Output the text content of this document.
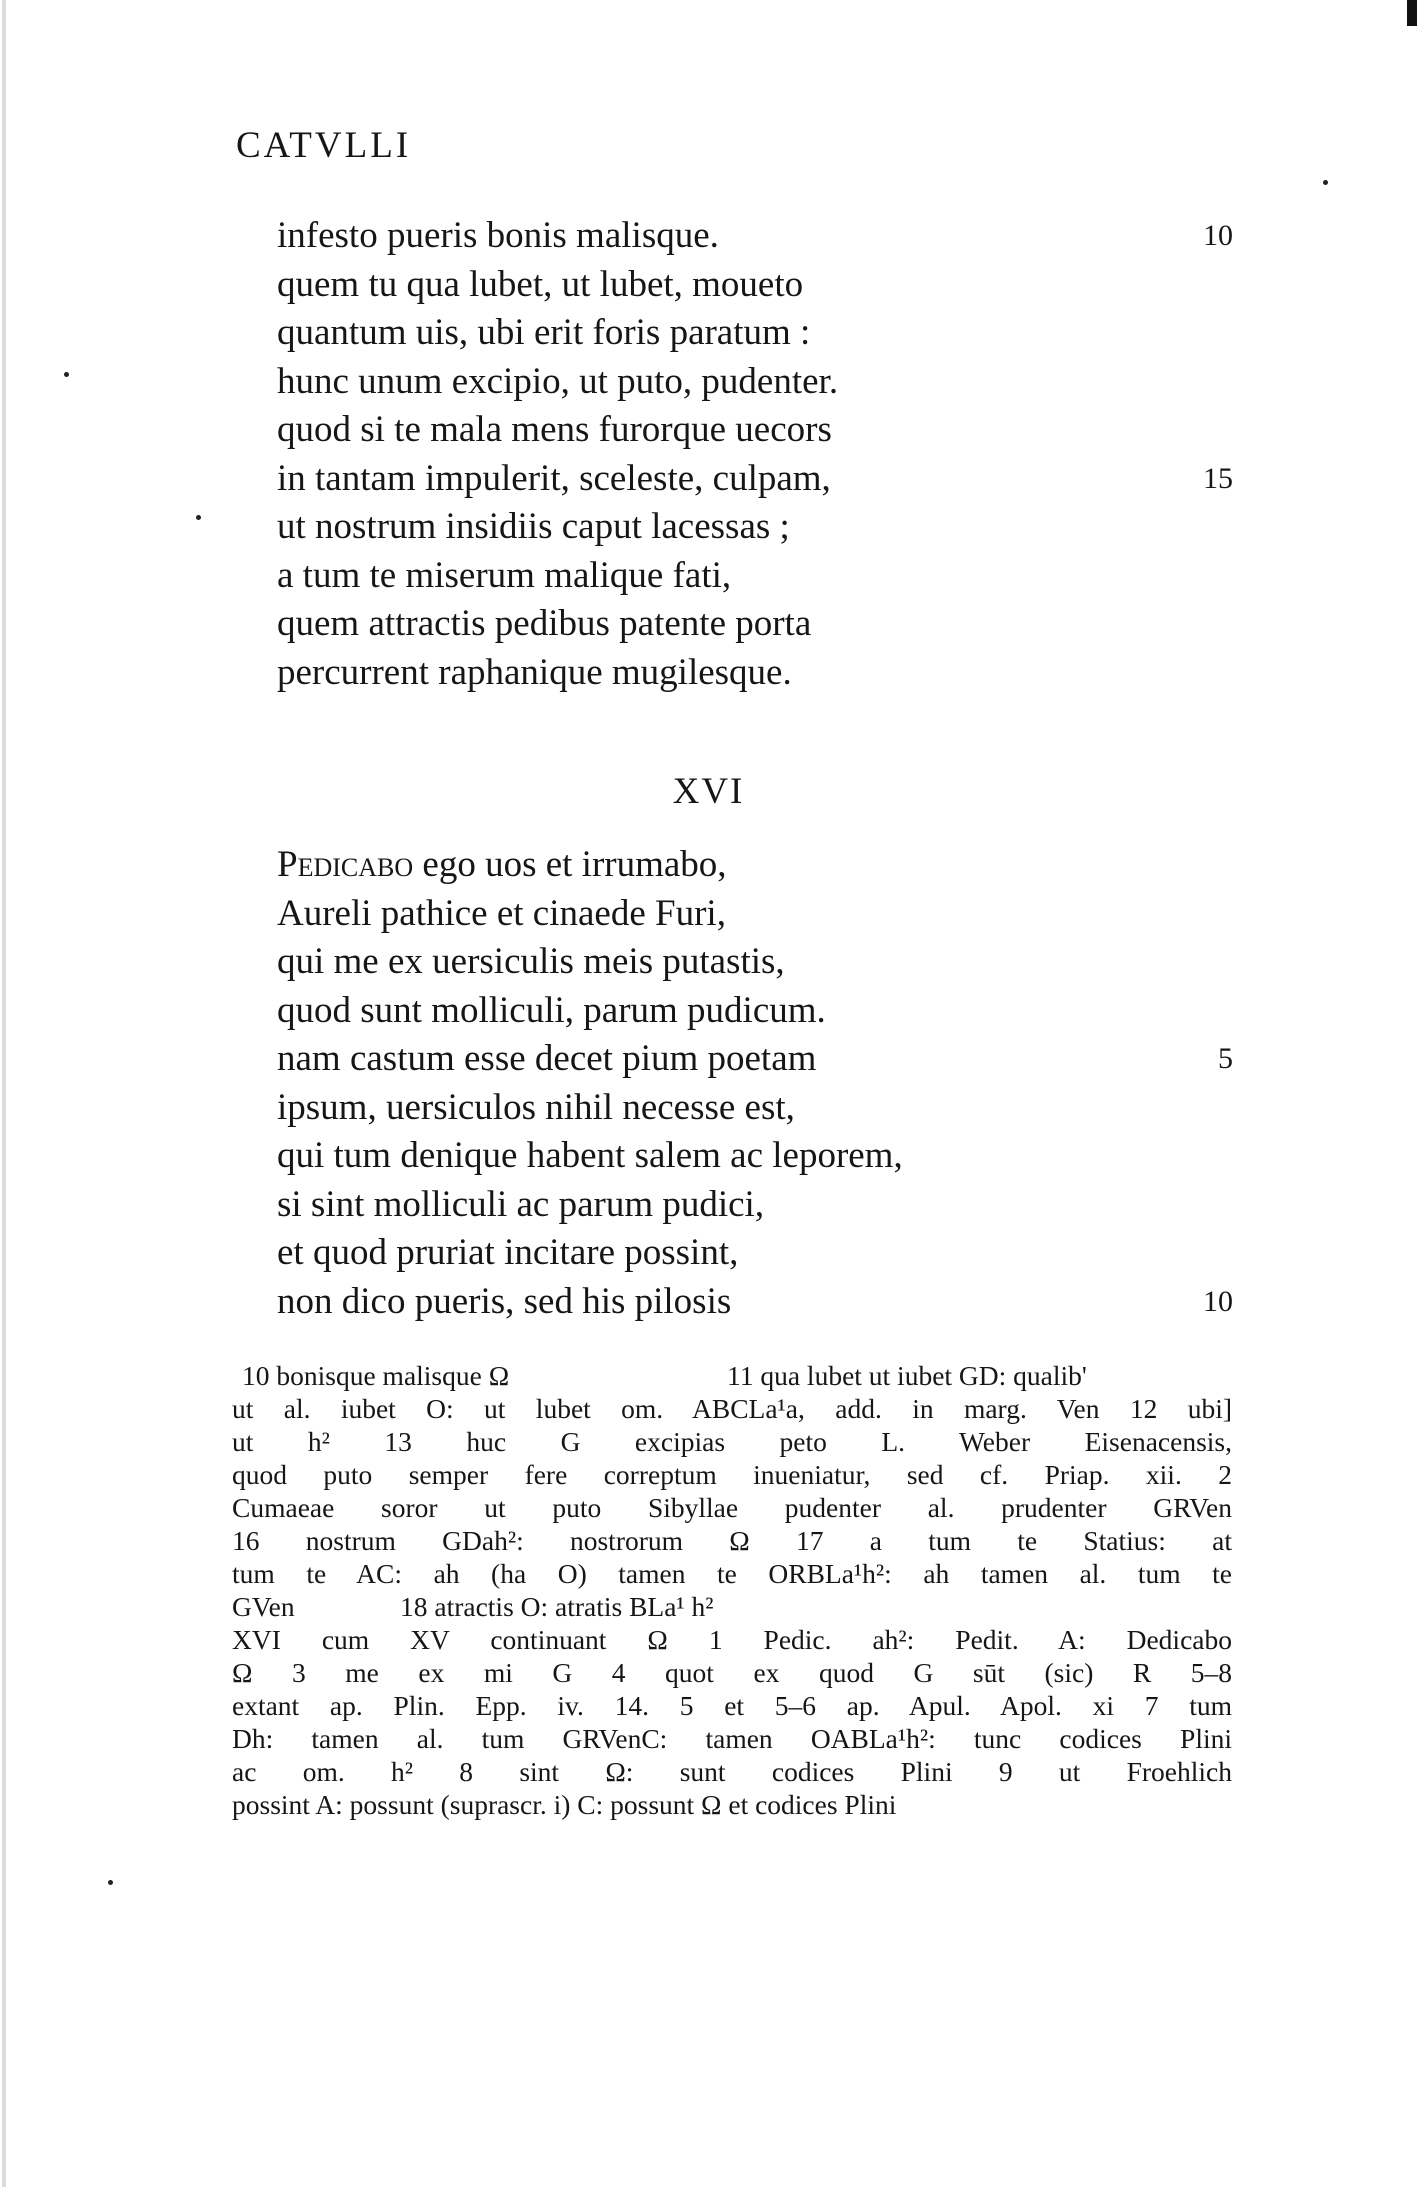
CATVLLI
infesto pueris bonis malisque.	10
quem tu qua lubet, ut lubet, moueto
quantum uis, ubi erit foris paratum :
hunc unum excipio, ut puto, pudenter.
quod si te mala mens furorque uecors
in tantam impulerit, sceleste, culpam,	15
ut nostrum insidiis caput lacessas ;
a tum te miserum malique fati,
quem attractis pedibus patente porta
percurrent raphanique mugilesque.
XVI
Pedicabo ego uos et irrumabo,
Aureli pathice et cinaede Furi,
qui me ex uersiculis meis putastis,
quod sunt molliculi, parum pudicum.
nam castum esse decet pium poetam	5
ipsum, uersiculos nihil necesse est,
qui tum denique habent salem ac leporem,
si sint molliculi ac parum pudici,
et quod pruriat incitare possint,
non dico pueris, sed his pilosis	10
10 bonisque malisque Ω	11 qua lubet ut iubet GD: qualib'
ut al. iubet O: ut lubet om. ABCLa¹a, add. in marg. Ven 12 ubi]
ut h² 13 huc G excipias peto L. Weber Eisenacensis,
quod puto semper fere correptum inueniatur, sed cf. Priap. xii. 2
Cumaeae soror ut puto Sibyllae pudenter al. prudenter GRVen
16 nostrum GDah²: nostrorum Ω 17 a tum te Statius: at
tum te AC: ah (ha O) tamen te ORBLa¹h²: ah tamen al. tum te
GVen	18 atractis O: atratis BLa¹ h²
XVI cum XV continuant Ω 1 Pedic. ah²: Pedit. A: Dedicabo
Ω 3 me ex mi G 4 quot ex quod G sūt (sic) R 5–8
extant ap. Plin. Epp. iv. 14. 5 et 5–6 ap. Apul. Apol. xi 7 tum
Dh: tamen al. tum GRVenC: tamen OABLa¹h²: tunc codices Plini
ac om. h² 8 sint Ω: sunt codices Plini 9 ut Froehlich
possint A: possunt (suprascr. i) C: possunt Ω et codices Plini
